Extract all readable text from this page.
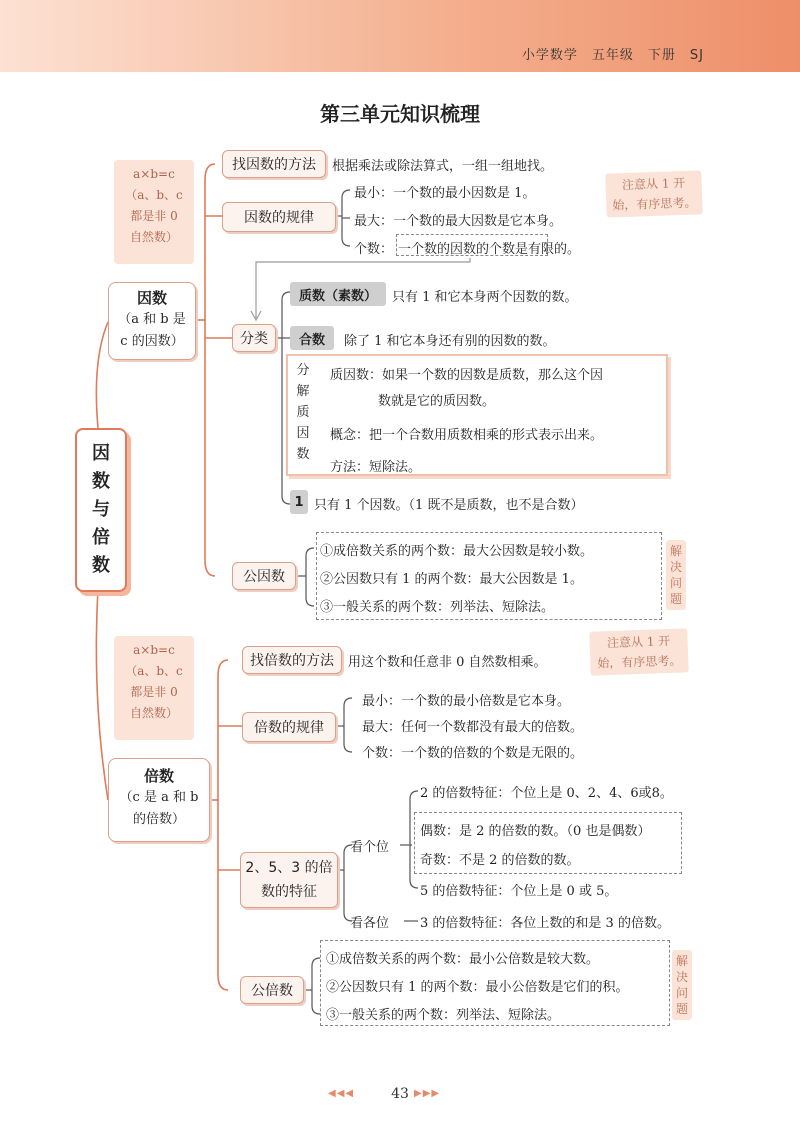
小学数学　五年级　下册　SJ
第三单元知识梳理
因
数
与
倍
数
a×b=c
（a、b、c
都是非 0
自然数）
a×b=c
（a、b、c
都是非 0
自然数）
因数
（a 和 b 是
c 的因数）
找因数的方法	根据乘法或除法算式，一组一组地找。
因数的规律
最小：一个数的最小因数是 1。
最大：一个数的最大因数是它本身。
个数： 一个数的因数的个数是有限的。
注意从 1 开
始，有序思考。
分类
质数（素数）	只有 1 和它本身两个因数的数。
合数	除了 1 和它本身还有别的因数的数。
分
解
质
因
数
质因数：如果一个数的因数是质数，那么这个因
数就是它的质因数。
概念：把一个合数用质数相乘的形式表示出来。
方法：短除法。
1 只有 1 个因数。（1 既不是质数，也不是合数）
公因数
①成倍数关系的两个数：最大公因数是较小数。
②公因数只有 1 的两个数：最大公因数是 1。
③一般关系的两个数：列举法、短除法。
解
决
问
题
倍数
（c 是 a 和 b
的倍数）
找倍数的方法	用这个数和任意非 0 自然数相乘。
注意从 1 开
始，有序思考。
倍数的规律
最小：一个数的最小倍数是它本身。
最大：任何一个数都没有最大的倍数。
个数：一个数的倍数的个数是无限的。
2、5、3 的倍
数的特征
看个位
2 的倍数特征：个位上是 0、2、4、6或8。
偶数：是 2 的倍数的数。（0 也是偶数）
奇数：不是 2 的倍数的数。
5 的倍数特征：个位上是 0 或 5。
看各位 3 的倍数特征：各位上数的和是 3 的倍数。
公倍数
①成倍数关系的两个数：最小公倍数是较大数。
②公因数只有 1 的两个数：最小公倍数是它们的积。
③一般关系的两个数：列举法、短除法。
解
决
问
题
◀◀◀	43 ▶▶▶
